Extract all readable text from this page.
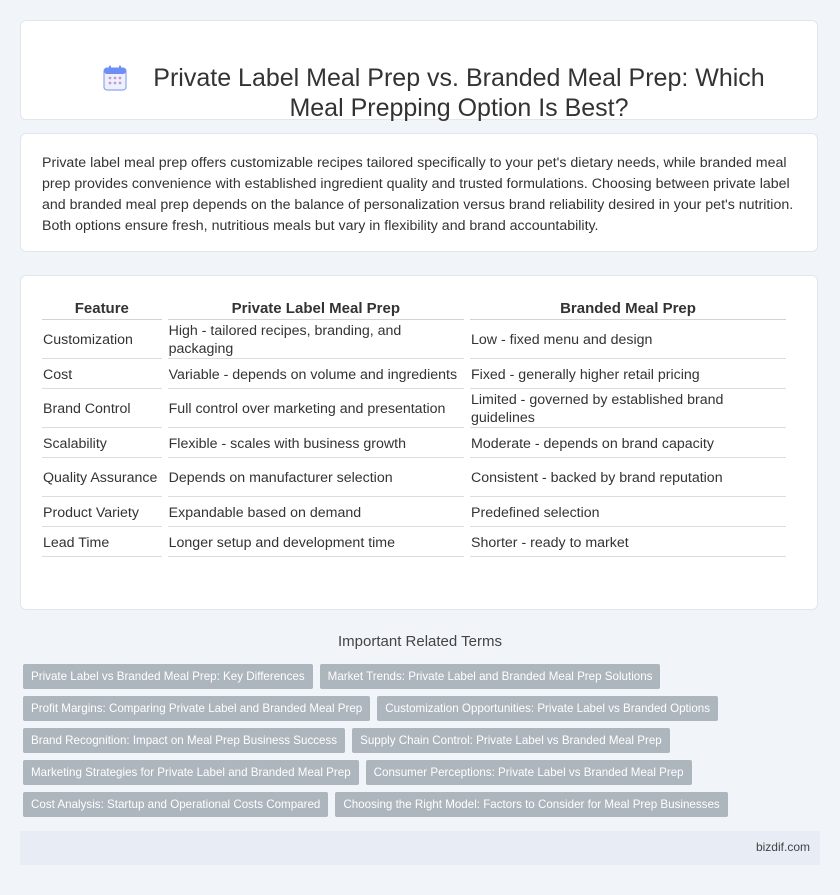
Private Label Meal Prep vs. Branded Meal Prep: Which Meal Prepping Option Is Best?

Private label meal prep offers customizable recipes tailored specifically to your pet's dietary needs, while branded meal prep provides convenience with established ingredient quality and trusted formulations. Choosing between private label and branded meal prep depends on the balance of personalization versus brand reliability desired in your pet's nutrition. Both options ensure fresh, nutritious meals but vary in flexibility and brand accountability.

Feature	Private Label Meal Prep	Branded Meal Prep
Customization	High - tailored recipes, branding, and packaging	Low - fixed menu and design
Cost	Variable - depends on volume and ingredients	Fixed - generally higher retail pricing
Brand Control	Full control over marketing and presentation	Limited - governed by established brand guidelines
Scalability	Flexible - scales with business growth	Moderate - depends on brand capacity
Quality Assurance	Depends on manufacturer selection	Consistent - backed by brand reputation
Product Variety	Expandable based on demand	Predefined selection
Lead Time	Longer setup and development time	Shorter - ready to market
Important Related Terms
Private Label vs Branded Meal Prep: Key Differences	Market Trends: Private Label and Branded Meal Prep Solutions
Profit Margins: Comparing Private Label and Branded Meal Prep	Customization Opportunities: Private Label vs Branded Options
Brand Recognition: Impact on Meal Prep Business Success	Supply Chain Control: Private Label vs Branded Meal Prep
Marketing Strategies for Private Label and Branded Meal Prep	Consumer Perceptions: Private Label vs Branded Meal Prep
Cost Analysis: Startup and Operational Costs Compared	Choosing the Right Model: Factors to Consider for Meal Prep Businesses
bizdif.com
